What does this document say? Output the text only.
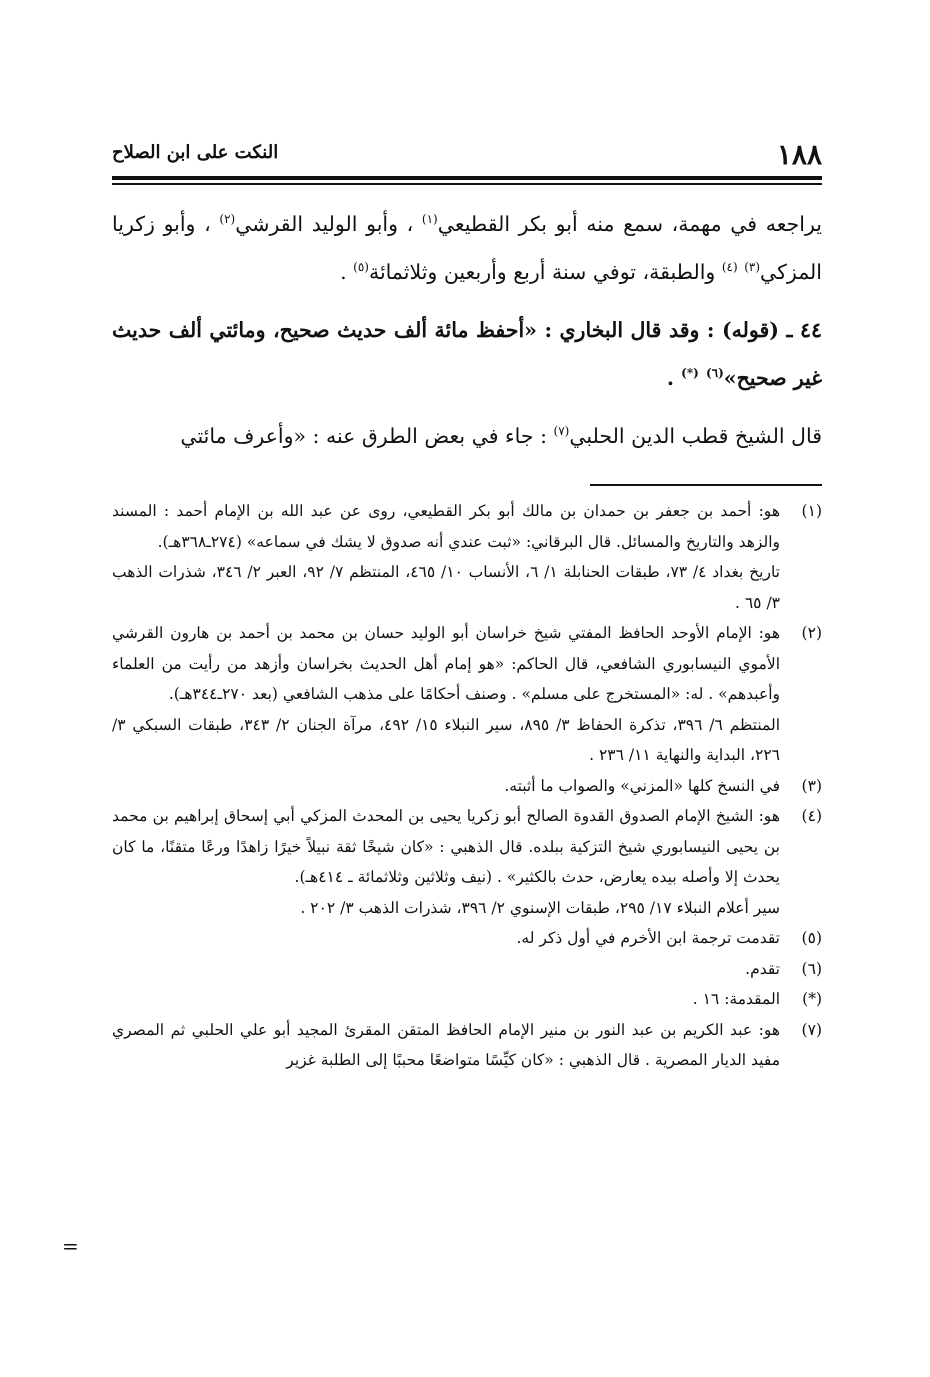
١٨٨
النكت على ابن الصلاح

يراجعه في مهمة، سمع منه أبو بكر القطيعي$^{(١)}$ ، وأبو الوليد القرشي$^{(٢)}$ ، وأبو زكريا المزكي$^{(٣)}$ $^{(٤)}$ والطبقة، توفي سنة أربع وأربعين وثلاثمائة$^{(٥)}$ .

٤٤ ـ (قوله) : وقد قال البخاري : «أحفظ مائة ألف حديث صحيح، ومائتي ألف حديث غير صحيح»$^{(٦)}$ (*) .

قال الشيخ قطب الدين الحلبي$^{(٧)}$ : جاء في بعض الطرق عنه : «وأعرف مائتي

(١)
هو: أحمد بن جعفر بن حمدان بن مالك أبو بكر القطيعي، روى عن عبد الله بن الإمام أحمد : المسند والزهد والتاريخ والمسائل. قال البرقاني: «ثبت عندي أنه صدوق لا يشك في سماعه» (٢٧٤ـ٣٦٨هـ).
تاريخ بغداد ٤/ ٧٣، طبقات الحنابلة ١/ ٦، الأنساب ١٠/ ٤٦٥، المنتظم ٧/ ٩٢، العبر ٢/ ٣٤٦، شذرات الذهب ٣/ ٦٥ .
(٢)
هو: الإمام الأوحد الحافظ المفتي شيخ خراسان أبو الوليد حسان بن محمد بن أحمد بن هارون القرشي الأموي النيسابوري الشافعي، قال الحاكم: «هو إمام أهل الحديث بخراسان وأزهد من رأيت من العلماء وأعبدهم» . له: «المستخرج على مسلم» . وصنف أحكامًا على مذهب الشافعي (بعد ٢٧٠ـ٣٤٤هـ).
المنتظم ٦/ ٣٩٦، تذكرة الحفاظ ٣/ ٨٩٥، سير النبلاء ١٥/ ٤٩٢، مرآة الجنان ٢/ ٣٤٣، طبقات السبكي ٣/ ٢٢٦، البداية والنهاية ١١/ ٢٣٦ .
(٣)
في النسخ كلها «المزني» والصواب ما أثبته.
(٤)
هو: الشيخ الإمام الصدوق القدوة الصالح أبو زكريا يحيى بن المحدث المزكي أبي إسحاق إبراهيم بن محمد بن يحيى النيسابوري شيخ التزكية ببلده. قال الذهبي : «كان شيخًا ثقة نبيلاً خيرًا زاهدًا ورعًا متقنًا، ما كان يحدث إلا وأصله بيده يعارض، حدث بالكثير» . (نيف وثلاثين وثلاثمائة ـ ٤١٤هـ).
سير أعلام النبلاء ١٧/ ٢٩٥، طبقات الإسنوي ٢/ ٣٩٦، شذرات الذهب ٣/ ٢٠٢ .
(٥)
تقدمت ترجمة ابن الأخرم في أول ذكر له.
(٦)
تقدم.
(*)
المقدمة: ١٦ .
(٧)
هو: عبد الكريم بن عبد النور بن منير الإمام الحافظ المتقن المقرئ المجيد أبو علي الحلبي ثم المصري مفيد الديار المصرية . قال الذهبي : «كان كيِّسًا متواضعًا محببًا إلى الطلبة غزير
=
